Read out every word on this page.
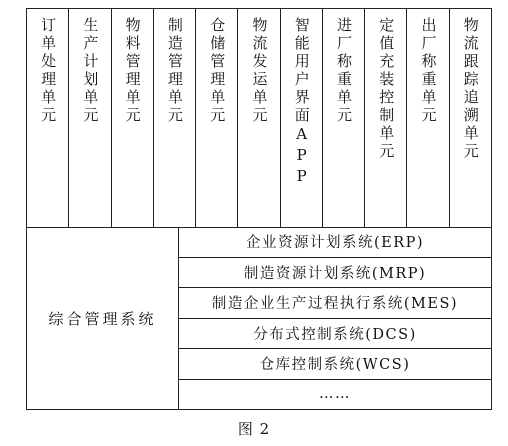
订单处理单元 生产计划单元 物料管理单元 制造管理单元 仓储管理单元 物流发运单元 智能用户界面APP 进厂称重单元 定值充装控制单元 出厂称重单元 物流跟踪追溯单元
综合管理系统
企业资源计划系统(ERP)
制造资源计划系统(MRP)
制造企业生产过程执行系统(MES)
分布式控制系统(DCS)
仓库控制系统(WCS)
……
图 2
